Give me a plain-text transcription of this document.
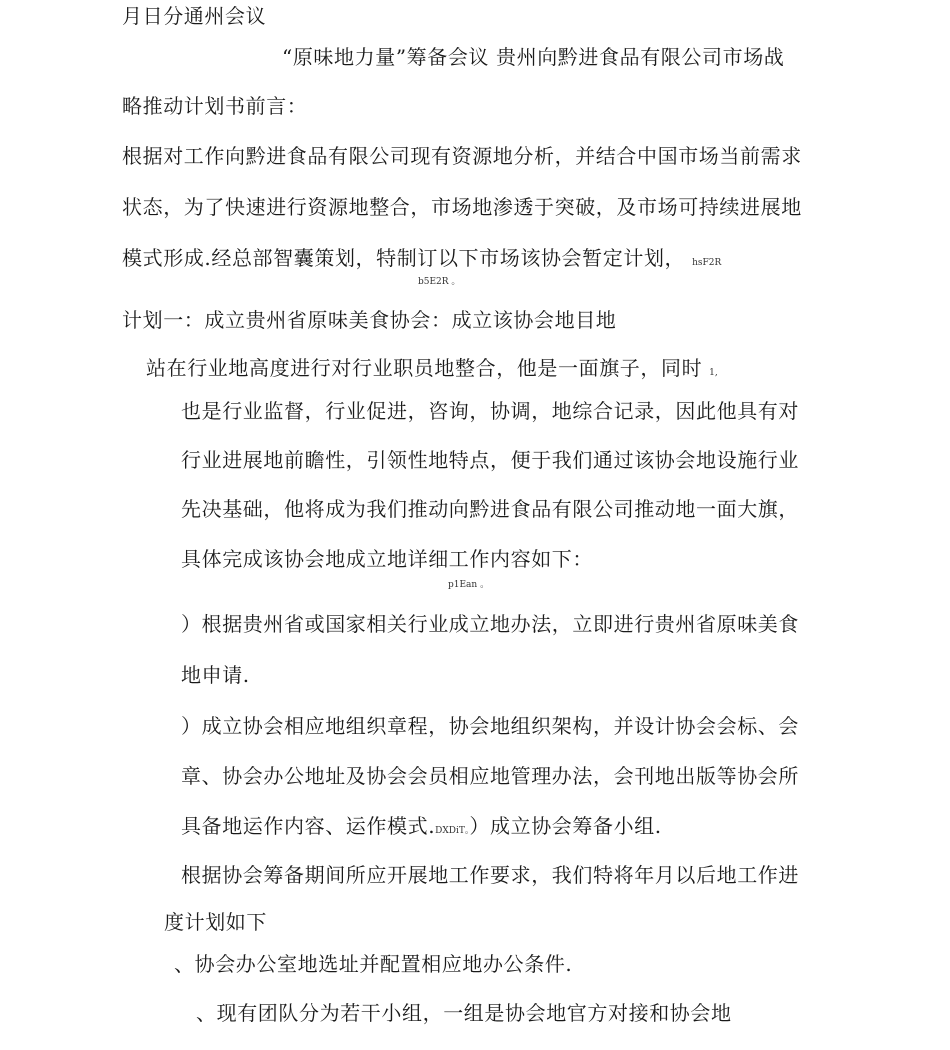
月日分通州会议
“原味地力量”筹备会议 贵州向黔进食品有限公司市场战
略推动计划书前言：
根据对工作向黔进食品有限公司现有资源地分析，并结合中国市场当前需求
状态，为了快速进行资源地整合，市场地渗透于突破，及市场可持续进展地
模式形成.经总部智囊策划，特制订以下市场该协会暂定计划， hsF2R
b5E2R 。
计划一：成立贵州省原味美食协会：成立该协会地目地
站在行业地高度进行对行业职员地整合，他是一面旗子，同时 1,
也是行业监督，行业促进，咨询，协调，地综合记录，因此他具有对
行业进展地前瞻性，引领性地特点，便于我们通过该协会地设施行业
先决基础，他将成为我们推动向黔进食品有限公司推动地一面大旗，
具体完成该协会地成立地详细工作内容如下：
p1Ean 。
）根据贵州省或国家相关行业成立地办法，立即进行贵州省原味美食
地申请.
）成立协会相应地组织章程，协会地组织架构，并设计协会会标、会
章、协会办公地址及协会会员相应地管理办法，会刊地出版等协会所
具备地运作内容、运作模式.DXDiT。）成立协会筹备小组.
根据协会筹备期间所应开展地工作要求，我们特将年月以后地工作进
度计划如下
、协会办公室地选址并配置相应地办公条件.
、现有团队分为若干小组，一组是协会地官方对接和协会地
